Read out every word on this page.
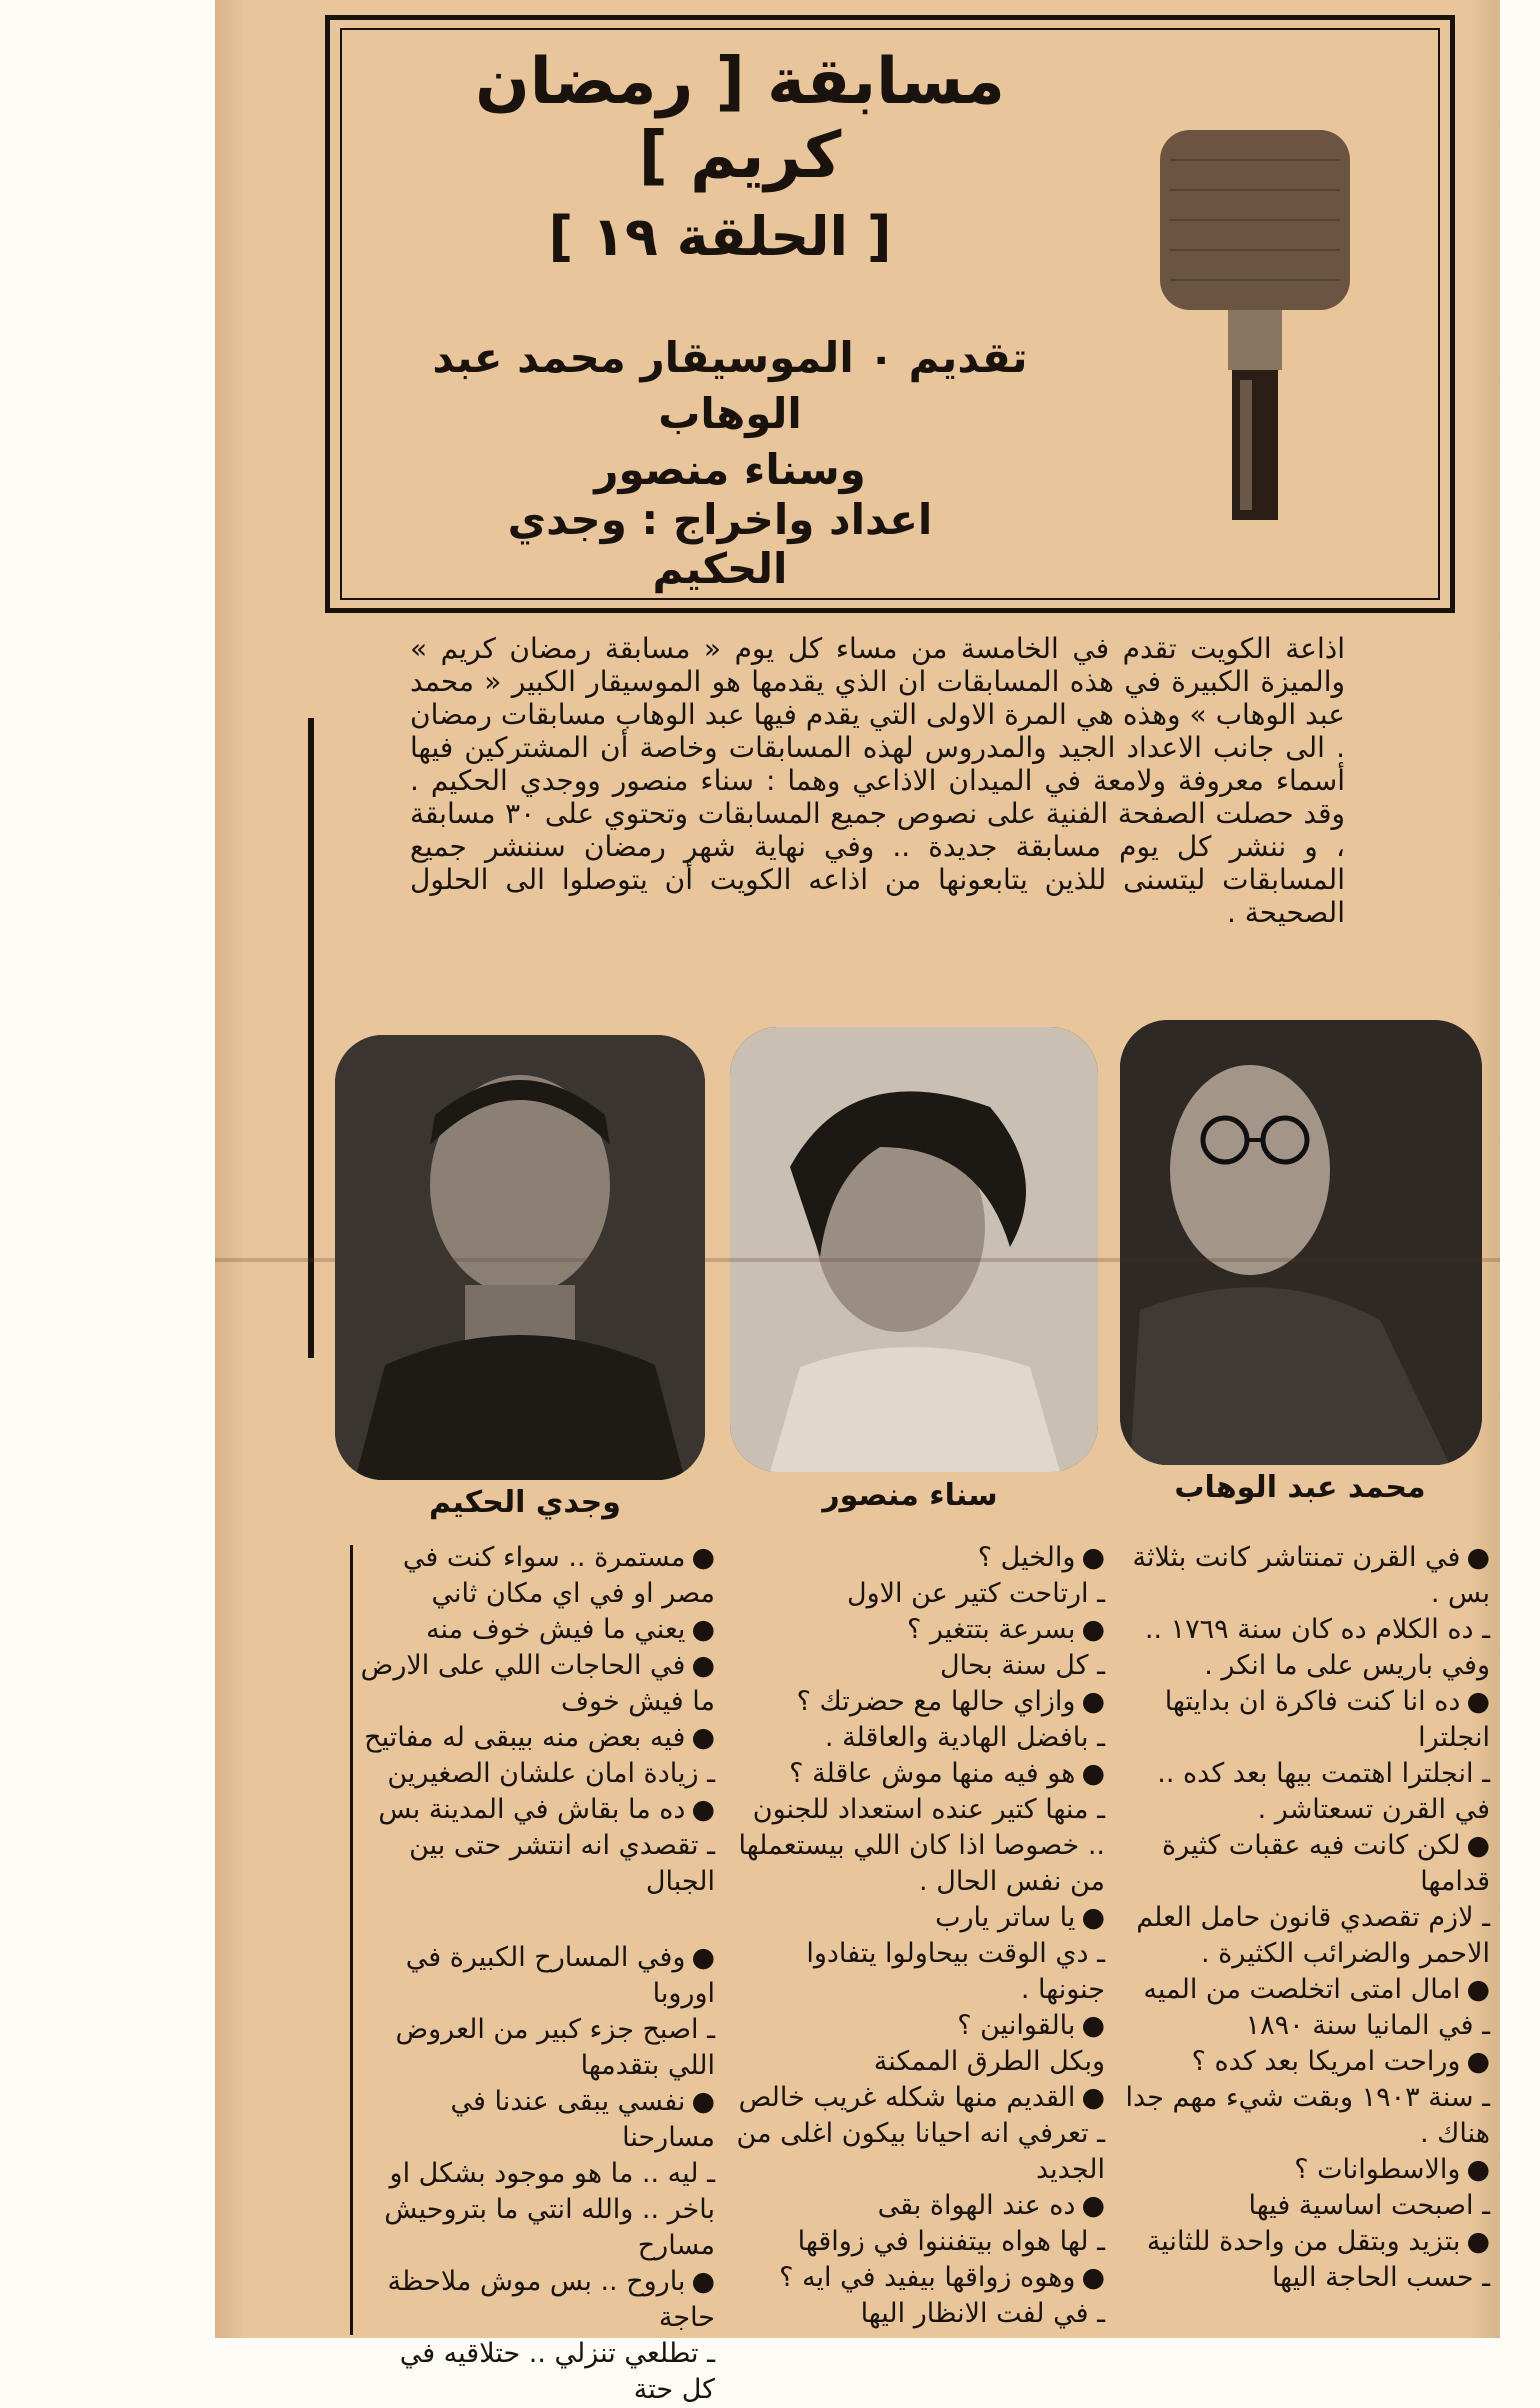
مسابقة [ رمضان كريم ]
[ الحلقة ١٩ ]
تقديم ٠ الموسيقار محمد عبد الوهاب
وسناء منصور
اعداد واخراج : وجدي الحكيم
اذاعة الكويت تقدم في الخامسة من مساء كل يوم « مسابقة رمضان كريم » والميزة الكبيرة في هذه المسابقات ان الذي يقدمها هو الموسيقار الكبير « محمد عبد الوهاب » وهذه هي المرة الاولى التي يقدم فيها عبد الوهاب مسابقات رمضان . الى جانب الاعداد الجيد والمدروس لهذه المسابقات وخاصة أن المشتركين فيها أسماء معروفة ولامعة في الميدان الاذاعي وهما : سناء منصور ووجدي الحكيم . وقد حصلت الصفحة الفنية على نصوص جميع المسابقات وتحتوي على ٣٠ مسابقة ، و ننشر كل يوم مسابقة جديدة .. وفي نهاية شهر رمضان سننشر جميع المسابقات ليتسنى للذين يتابعونها من اذاعه الكويت أن يتوصلوا الى الحلول الصحيحة .
وجدي الحكيم	سناء منصور	محمد عبد الوهاب

● في القرن تمنتاشر كانت بثلاثة بس .

ـ ده الكلام ده كان سنة ١٧٦٩ .. وفي باريس على ما انكر .

● ده انا كنت فاكرة ان بدايتها انجلترا

ـ انجلترا اهتمت بيها بعد كده .. في القرن تسعتاشر .

● لكن كانت فيه عقبات كثيرة قدامها

ـ لازم تقصدي قانون حامل العلم الاحمر والضرائب الكثيرة .

● امال امتى اتخلصت من الميه

ـ في المانيا سنة ١٨٩٠

● وراحت امريكا بعد كده ؟

ـ سنة ١٩٠٣ وبقت شيء مهم جدا هناك .

● والاسطوانات ؟

ـ اصبحت اساسية فيها

● بتزيد وبتقل من واحدة للثانية

ـ حسب الحاجة اليها

● والخيل ؟

ـ ارتاحت كتير عن الاول

● بسرعة بتتغير ؟

ـ كل سنة بحال

● وازاي حالها مع حضرتك ؟

ـ بافضل الهادية والعاقلة .

● هو فيه منها موش عاقلة ؟

ـ منها كتير عنده استعداد للجنون .. خصوصا اذا كان اللي بيستعملها من نفس الحال .

● يا ساتر يارب

ـ دي الوقت بيحاولوا يتفادوا جنونها .

● بالقوانين ؟

وبكل الطرق الممكنة

● القديم منها شكله غريب خالص

ـ تعرفي انه احيانا بيكون اغلى من الجديد

● ده عند الهواة بقى

ـ لها هواه بيتفننوا في زواقها

● وهوه زواقها بيفيد في ايه ؟

ـ في لفت الانظار اليها

● مستمرة .. سواء كنت في مصر او في اي مكان ثاني

● يعني ما فيش خوف منه

● في الحاجات اللي على الارض ما فيش خوف

● فيه بعض منه بيبقى له مفاتيح

ـ زيادة امان علشان الصغيرين

● ده ما بقاش في المدينة بس

ـ تقصدي انه انتشر حتى بين الجبال

● وفي المسارح الكبيرة في اوروبا

ـ اصبح جزء كبير من العروض اللي بتقدمها

● نفسي يبقى عندنا في مسارحنا

ـ ليه .. ما هو موجود بشكل او باخر .. والله انتي ما بتروحيش مسارح

● باروح .. بس موش ملاحظة حاجة

ـ تطلعي تنزلي .. حتلاقيه في كل حتة
